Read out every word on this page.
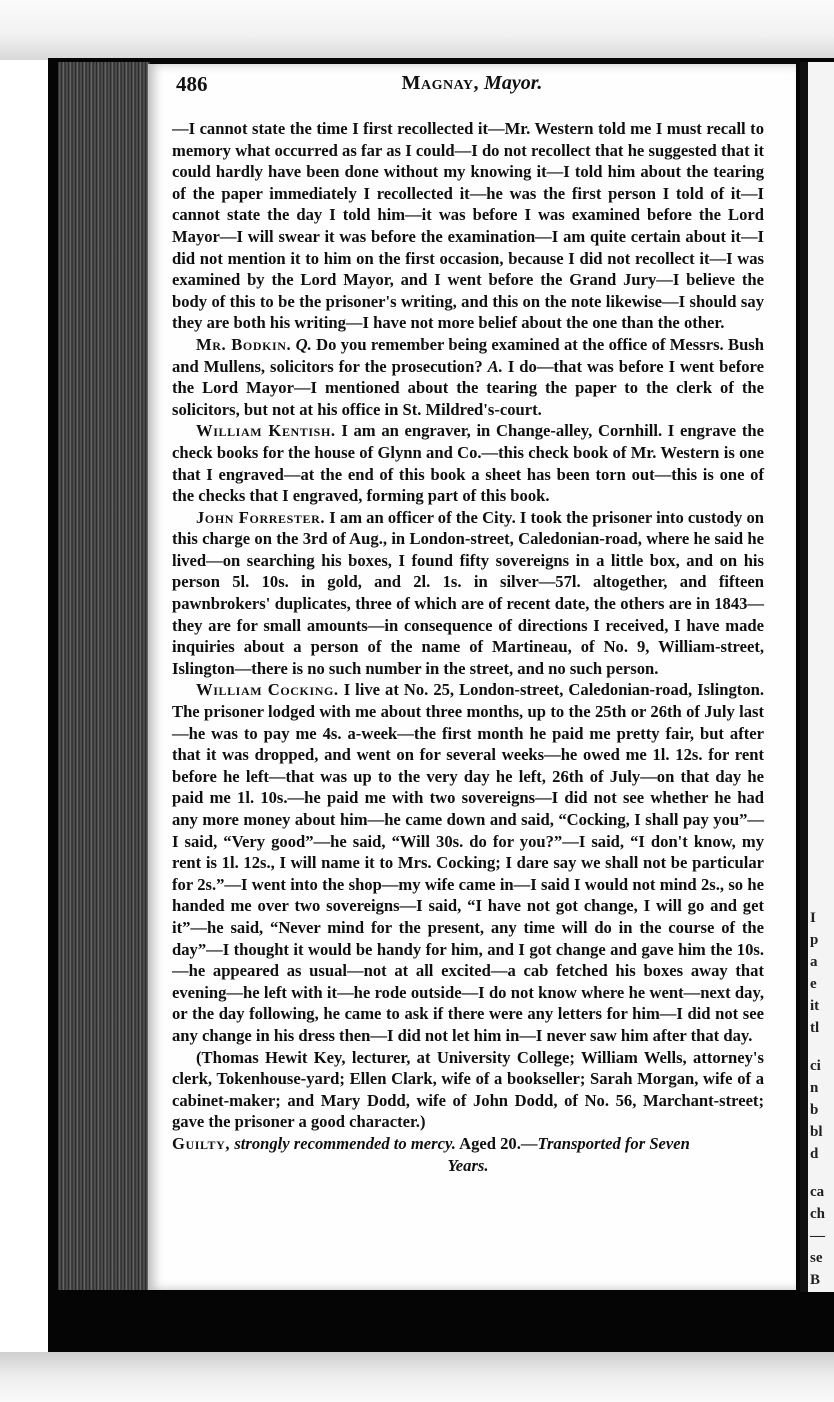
I
p
a
e
it
tl
ci
n
b
bl
d
ca
ch
—
se
B
486	Magnay, Mayor.

—I cannot state the time I first recollected it—Mr. Western told me I must recall to memory what occurred as far as I could—I do not recollect that he suggested that it could hardly have been done without my knowing it—I told him about the tearing of the paper immediately I recollected it—he was the first person I told of it—I cannot state the day I told him—it was before I was examined before the Lord Mayor—I will swear it was before the examination—I am quite certain about it—I did not mention it to him on the first occasion, because I did not recollect it—I was examined by the Lord Mayor, and I went before the Grand Jury—I believe the body of this to be the prisoner's writing, and this on the note likewise—I should say they are both his writing—I have not more belief about the one than the other.

Mr. Bodkin. Q. Do you remember being examined at the office of Messrs. Bush and Mullens, solicitors for the prosecution? A. I do—that was before I went before the Lord Mayor—I mentioned about the tearing the paper to the clerk of the solicitors, but not at his office in St. Mildred's-court.

William Kentish. I am an engraver, in Change-alley, Cornhill. I engrave the check books for the house of Glynn and Co.—this check book of Mr. Western is one that I engraved—at the end of this book a sheet has been torn out—this is one of the checks that I engraved, forming part of this book.

John Forrester. I am an officer of the City. I took the prisoner into custody on this charge on the 3rd of Aug., in London-street, Caledonian-road, where he said he lived—on searching his boxes, I found fifty sovereigns in a little box, and on his person 5l. 10s. in gold, and 2l. 1s. in silver—57l. altogether, and fifteen pawnbrokers' duplicates, three of which are of recent date, the others are in 1843—they are for small amounts—in consequence of directions I received, I have made inquiries about a person of the name of Martineau, of No. 9, William-street, Islington—there is no such number in the street, and no such person.

William Cocking. I live at No. 25, London-street, Caledonian-road, Islington. The prisoner lodged with me about three months, up to the 25th or 26th of July last—he was to pay me 4s. a-week—the first month he paid me pretty fair, but after that it was dropped, and went on for several weeks—he owed me 1l. 12s. for rent before he left—that was up to the very day he left, 26th of July—on that day he paid me 1l. 10s.—he paid me with two sovereigns—I did not see whether he had any more money about him—he came down and said, “Cocking, I shall pay you”—I said, “Very good”—he said, “Will 30s. do for you?”—I said, “I don't know, my rent is 1l. 12s., I will name it to Mrs. Cocking; I dare say we shall not be particular for 2s.”—I went into the shop—my wife came in—I said I would not mind 2s., so he handed me over two sovereigns—I said, “I have not got change, I will go and get it”—he said, “Never mind for the present, any time will do in the course of the day”—I thought it would be handy for him, and I got change and gave him the 10s.—he appeared as usual—not at all excited—a cab fetched his boxes away that evening—he left with it—he rode outside—I do not know where he went—next day, or the day following, he came to ask if there were any letters for him—I did not see any change in his dress then—I did not let him in—I never saw him after that day.

(Thomas Hewit Key, lecturer, at University College; William Wells, attorney's clerk, Tokenhouse-yard; Ellen Clark, wife of a bookseller; Sarah Morgan, wife of a cabinet-maker; and Mary Dodd, wife of John Dodd, of No. 56, Marchant-street; gave the prisoner a good character.)

Guilty, strongly recommended to mercy. Aged 20.—Transported for Seven
Years.
